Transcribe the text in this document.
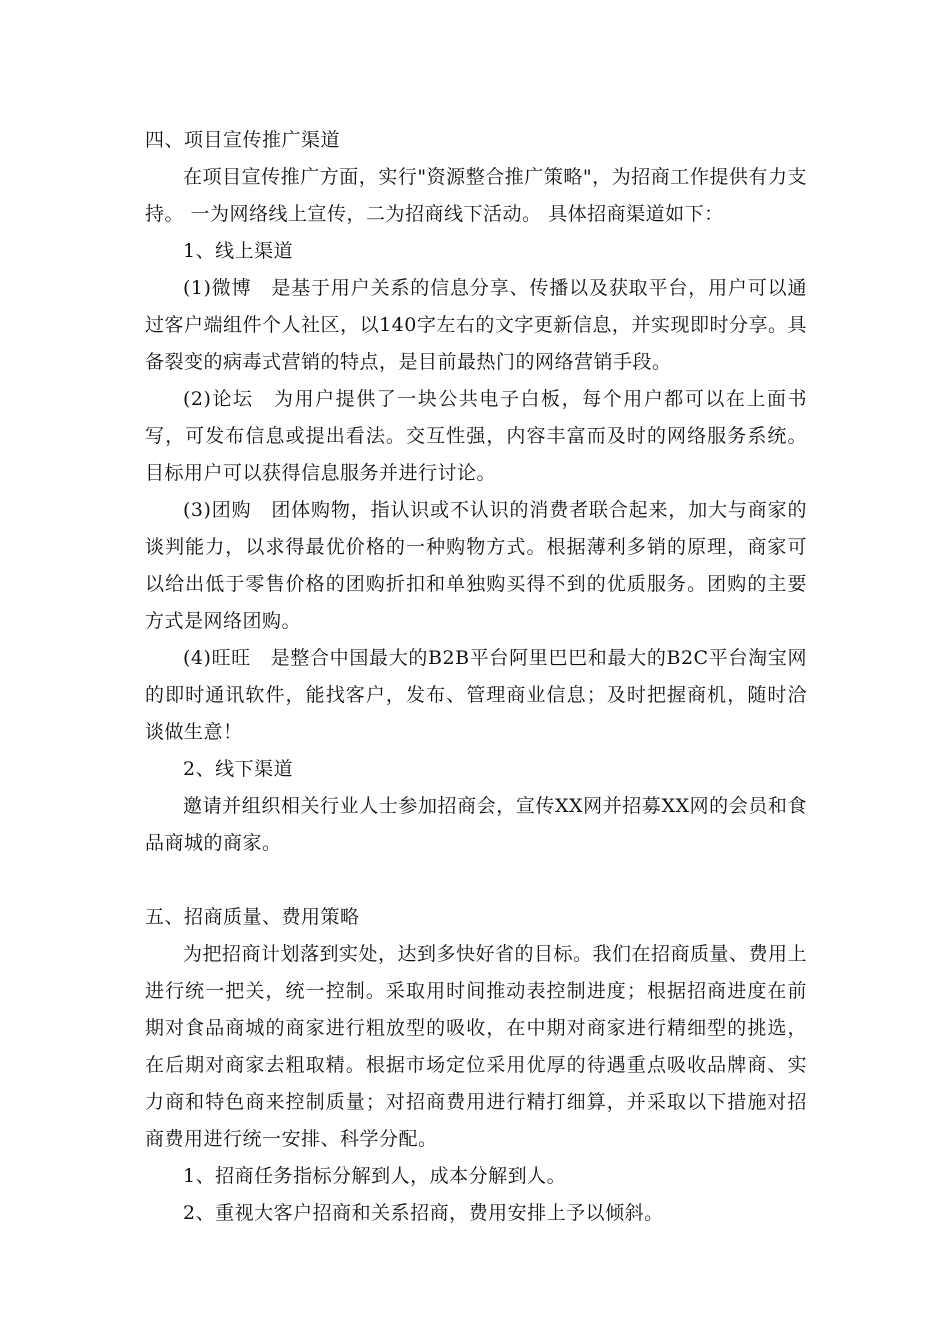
四、项目宣传推广渠道

在项目宣传推广方面，实行"资源整合推广策略"，为招商工作提供有力支持。 一为网络线上宣传，二为招商线下活动。 具体招商渠道如下：

1、线上渠道

(1)微博　是基于用户关系的信息分享、传播以及获取平台，用户可以通过客户端组件个人社区，以140字左右的文字更新信息，并实现即时分享。具备裂变的病毒式营销的特点，是目前最热门的网络营销手段。

(2)论坛　为用户提供了一块公共电子白板，每个用户都可以在上面书写，可发布信息或提出看法。交互性强，内容丰富而及时的网络服务系统。目标用户可以获得信息服务并进行讨论。

(3)团购　团体购物，指认识或不认识的消费者联合起来，加大与商家的谈判能力，以求得最优价格的一种购物方式。根据薄利多销的原理，商家可以给出低于零售价格的团购折扣和单独购买得不到的优质服务。团购的主要方式是网络团购。

(4)旺旺　是整合中国最大的B2B平台阿里巴巴和最大的B2C平台淘宝网的即时通讯软件，能找客户，发布、管理商业信息；及时把握商机，随时洽谈做生意！

2、线下渠道

邀请并组织相关行业人士参加招商会，宣传XX网并招募XX网的会员和食品商城的商家。

五、招商质量、费用策略

为把招商计划落到实处，达到多快好省的目标。我们在招商质量、费用上进行统一把关，统一控制。采取用时间推动表控制进度；根据招商进度在前期对食品商城的商家进行粗放型的吸收，在中期对商家进行精细型的挑选，在后期对商家去粗取精。根据市场定位采用优厚的待遇重点吸收品牌商、实力商和特色商来控制质量；对招商费用进行精打细算，并采取以下措施对招商费用进行统一安排、科学分配。

1、招商任务指标分解到人，成本分解到人。

2、重视大客户招商和关系招商，费用安排上予以倾斜。
